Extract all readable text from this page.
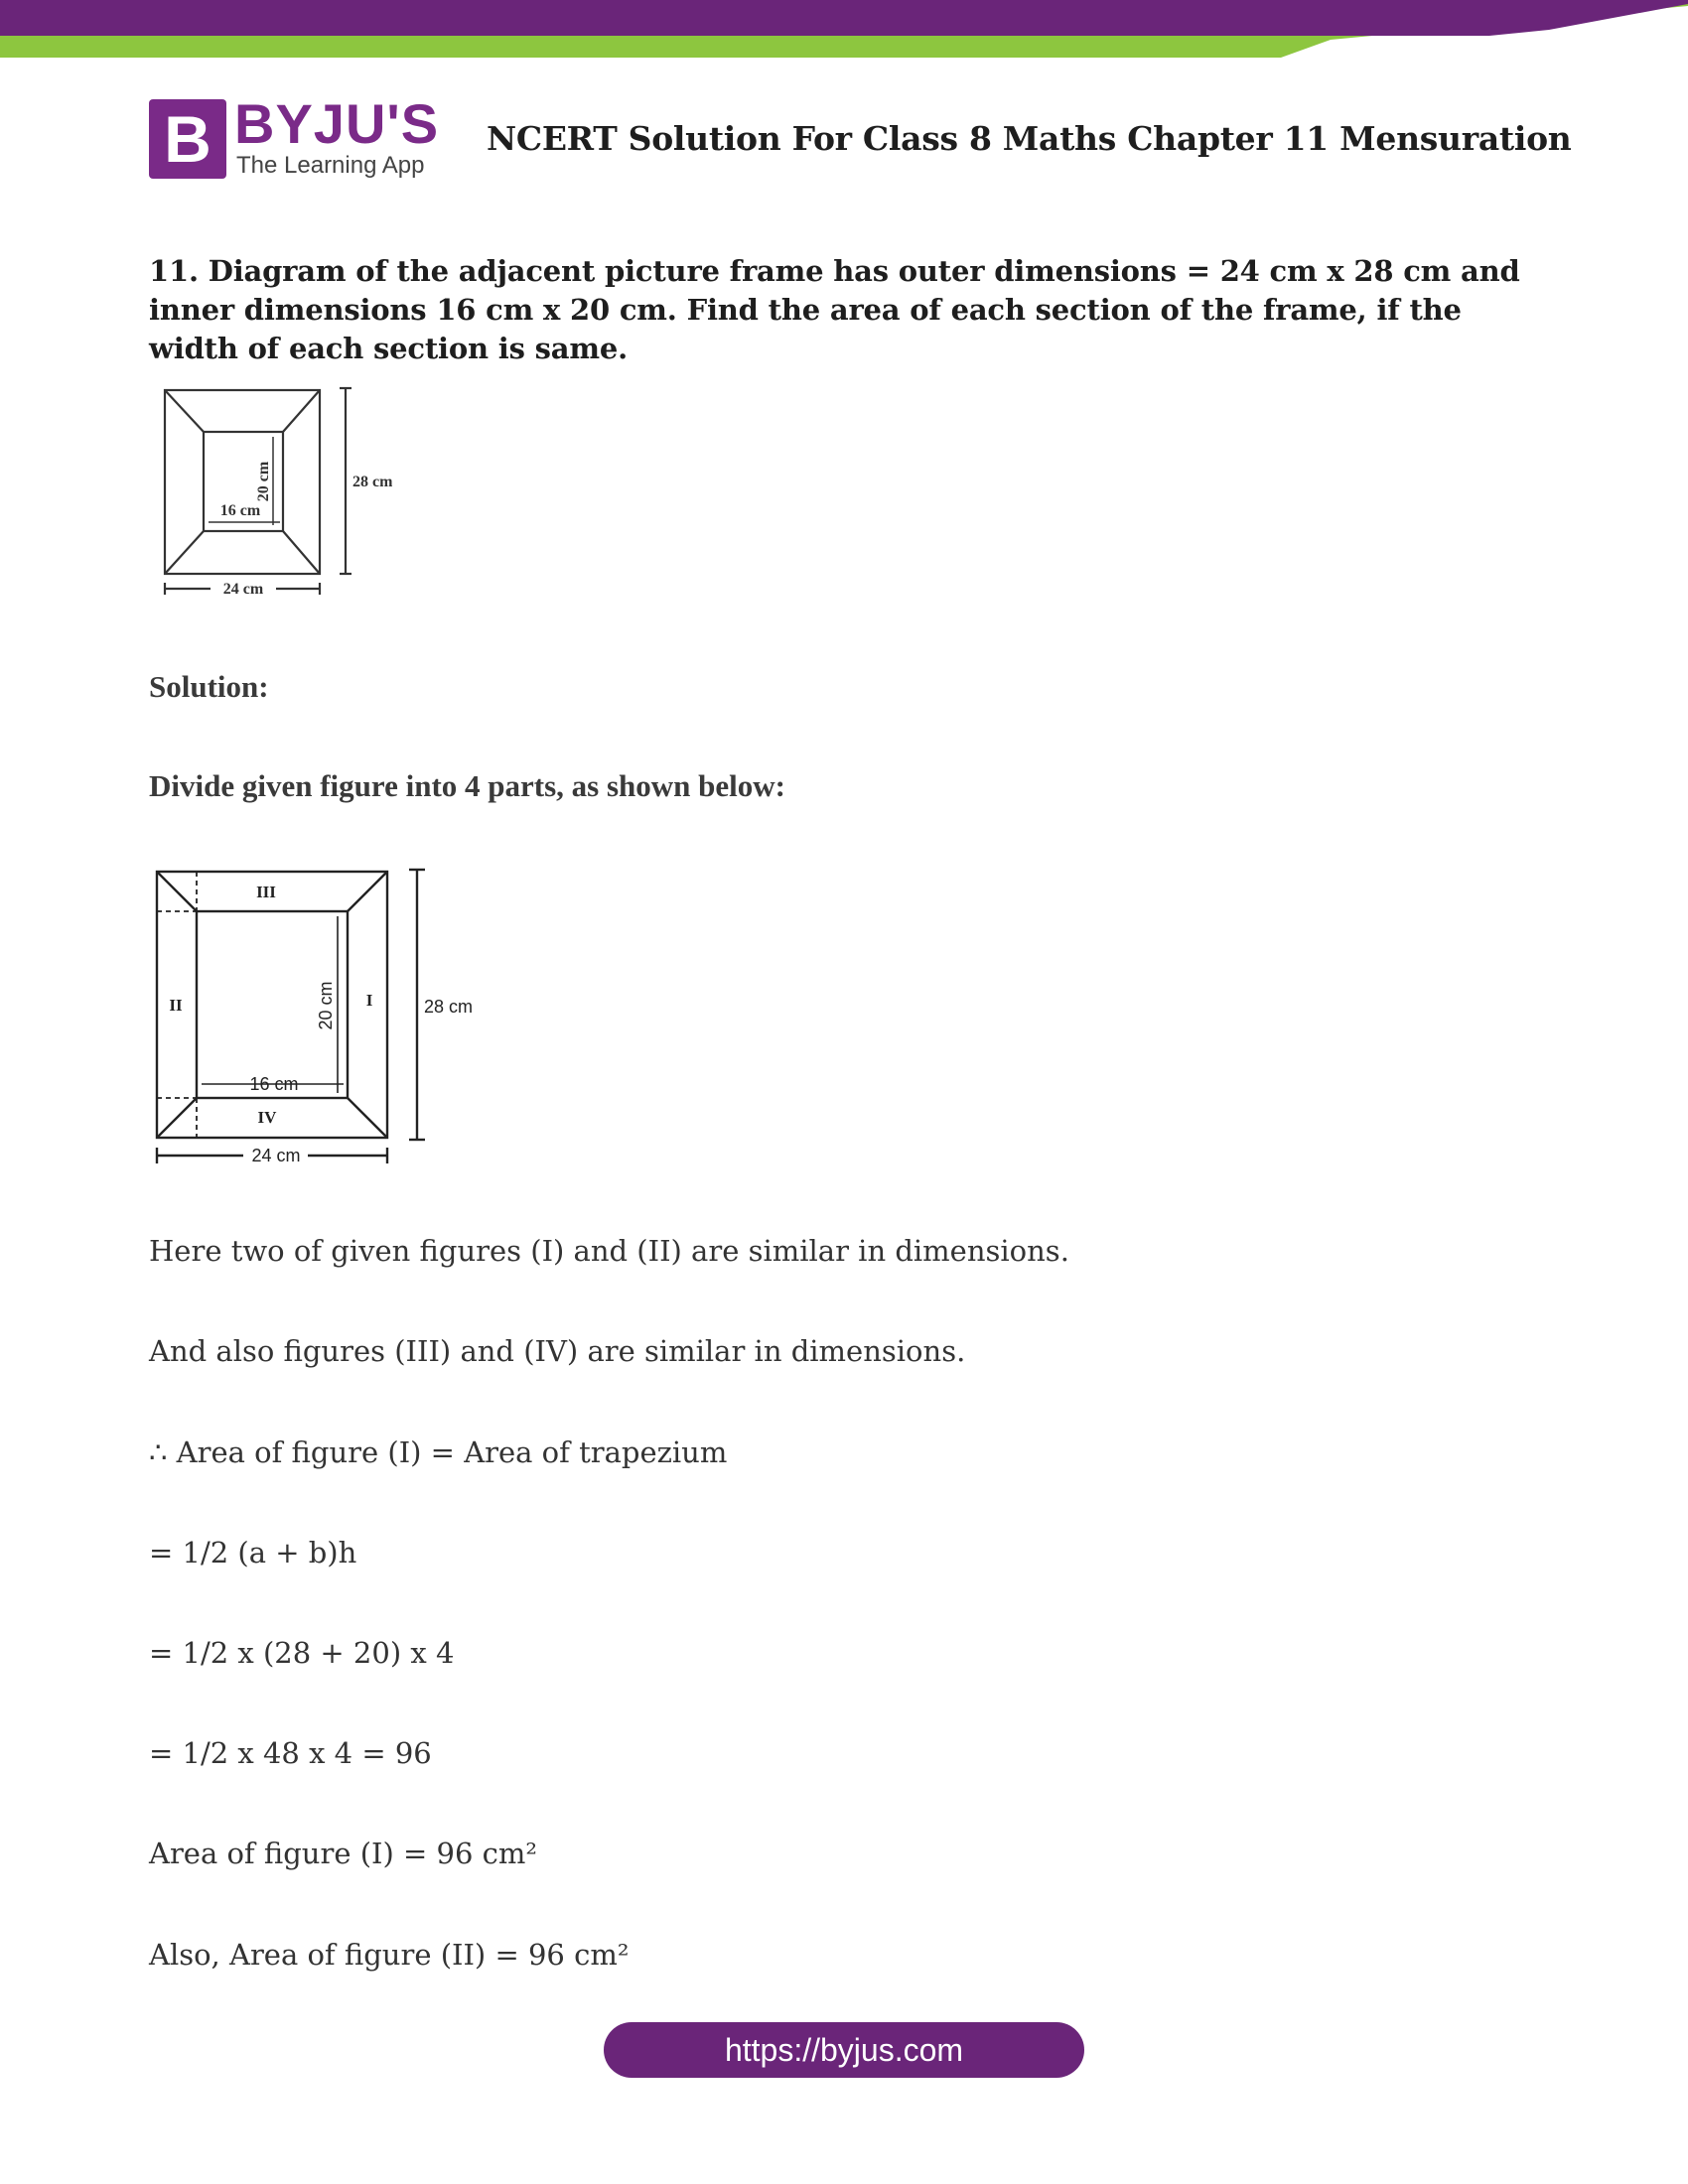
B BYJU'S
The Learning App
NCERT Solution For Class 8 Maths Chapter 11 Mensuration

11. Diagram of the adjacent picture frame has outer dimensions = 24 cm x 28 cm and inner dimensions 16 cm x 20 cm. Find the area of each section of the frame, if the width of each section is same.

20 cm
16 cm
28 cm
24 cm
Solution:
Divide given figure into 4 parts, as shown below:
III
II	I
IV
20 cm
16 cm
28 cm
24 cm

Here two of given figures (I) and (II) are similar in dimensions.

And also figures (III) and (IV) are similar in dimensions.

∴ Area of figure (I) = Area of trapezium

= 1/2 (a + b)h

= 1/2 x (28 + 20) x 4

= 1/2 x 48 x 4 = 96

Area of figure (I) = 96 cm²

Also, Area of figure (II) = 96 cm²

https://byjus.com
